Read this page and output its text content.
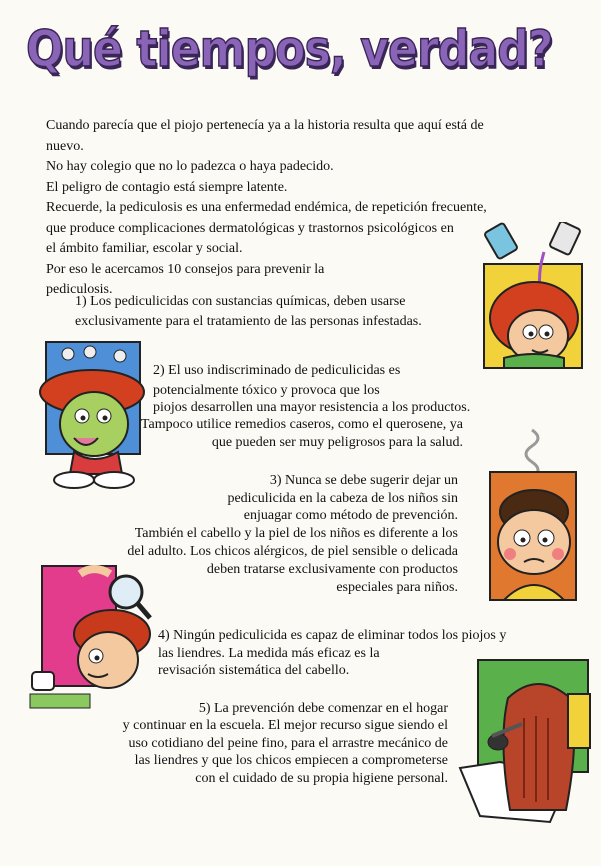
Qué tiempos, verdad?
Cuando parecía que el piojo pertenecía ya a la historia resulta que aquí está de
nuevo.
No hay colegio que no lo padezca o haya padecido.
El peligro de contagio está siempre latente.
Recuerde, la pediculosis es una enfermedad endémica, de repetición frecuente,
que produce complicaciones dermatológicas y trastornos psicológicos en
el ámbito familiar, escolar y social.
Por eso le acercamos 10 consejos para prevenir la
pediculosis.

1) Los pediculicidas con sustancias químicas, deben usarse

exclusivamente para el tratamiento de las personas infestadas.

2) El uso indiscriminado de pediculicidas es

potencialmente tóxico y provoca que los

piojos desarrollen una mayor resistencia a los productos.

Tampoco utilice remedios caseros, como el querosene, ya

que pueden ser muy peligrosos para la salud.

3) Nunca se debe sugerir dejar un

pediculicida en la cabeza de los niños sin

enjuagar como método de prevención.

También el cabello y la piel de los niños es diferente a los

del adulto. Los chicos alérgicos, de piel sensible o delicada

deben tratarse exclusivamente con productos

especiales para niños.

4) Ningún pediculicida es capaz de eliminar todos los piojos y

las liendres. La medida más eficaz es la

revisación sistemática del cabello.

5) La prevención debe comenzar en el hogar

y continuar en la escuela. El mejor recurso sigue siendo el

uso cotidiano del peine fino, para el arrastre mecánico de

las liendres y que los chicos empiecen a comprometerse

con el cuidado de su propia higiene personal.
